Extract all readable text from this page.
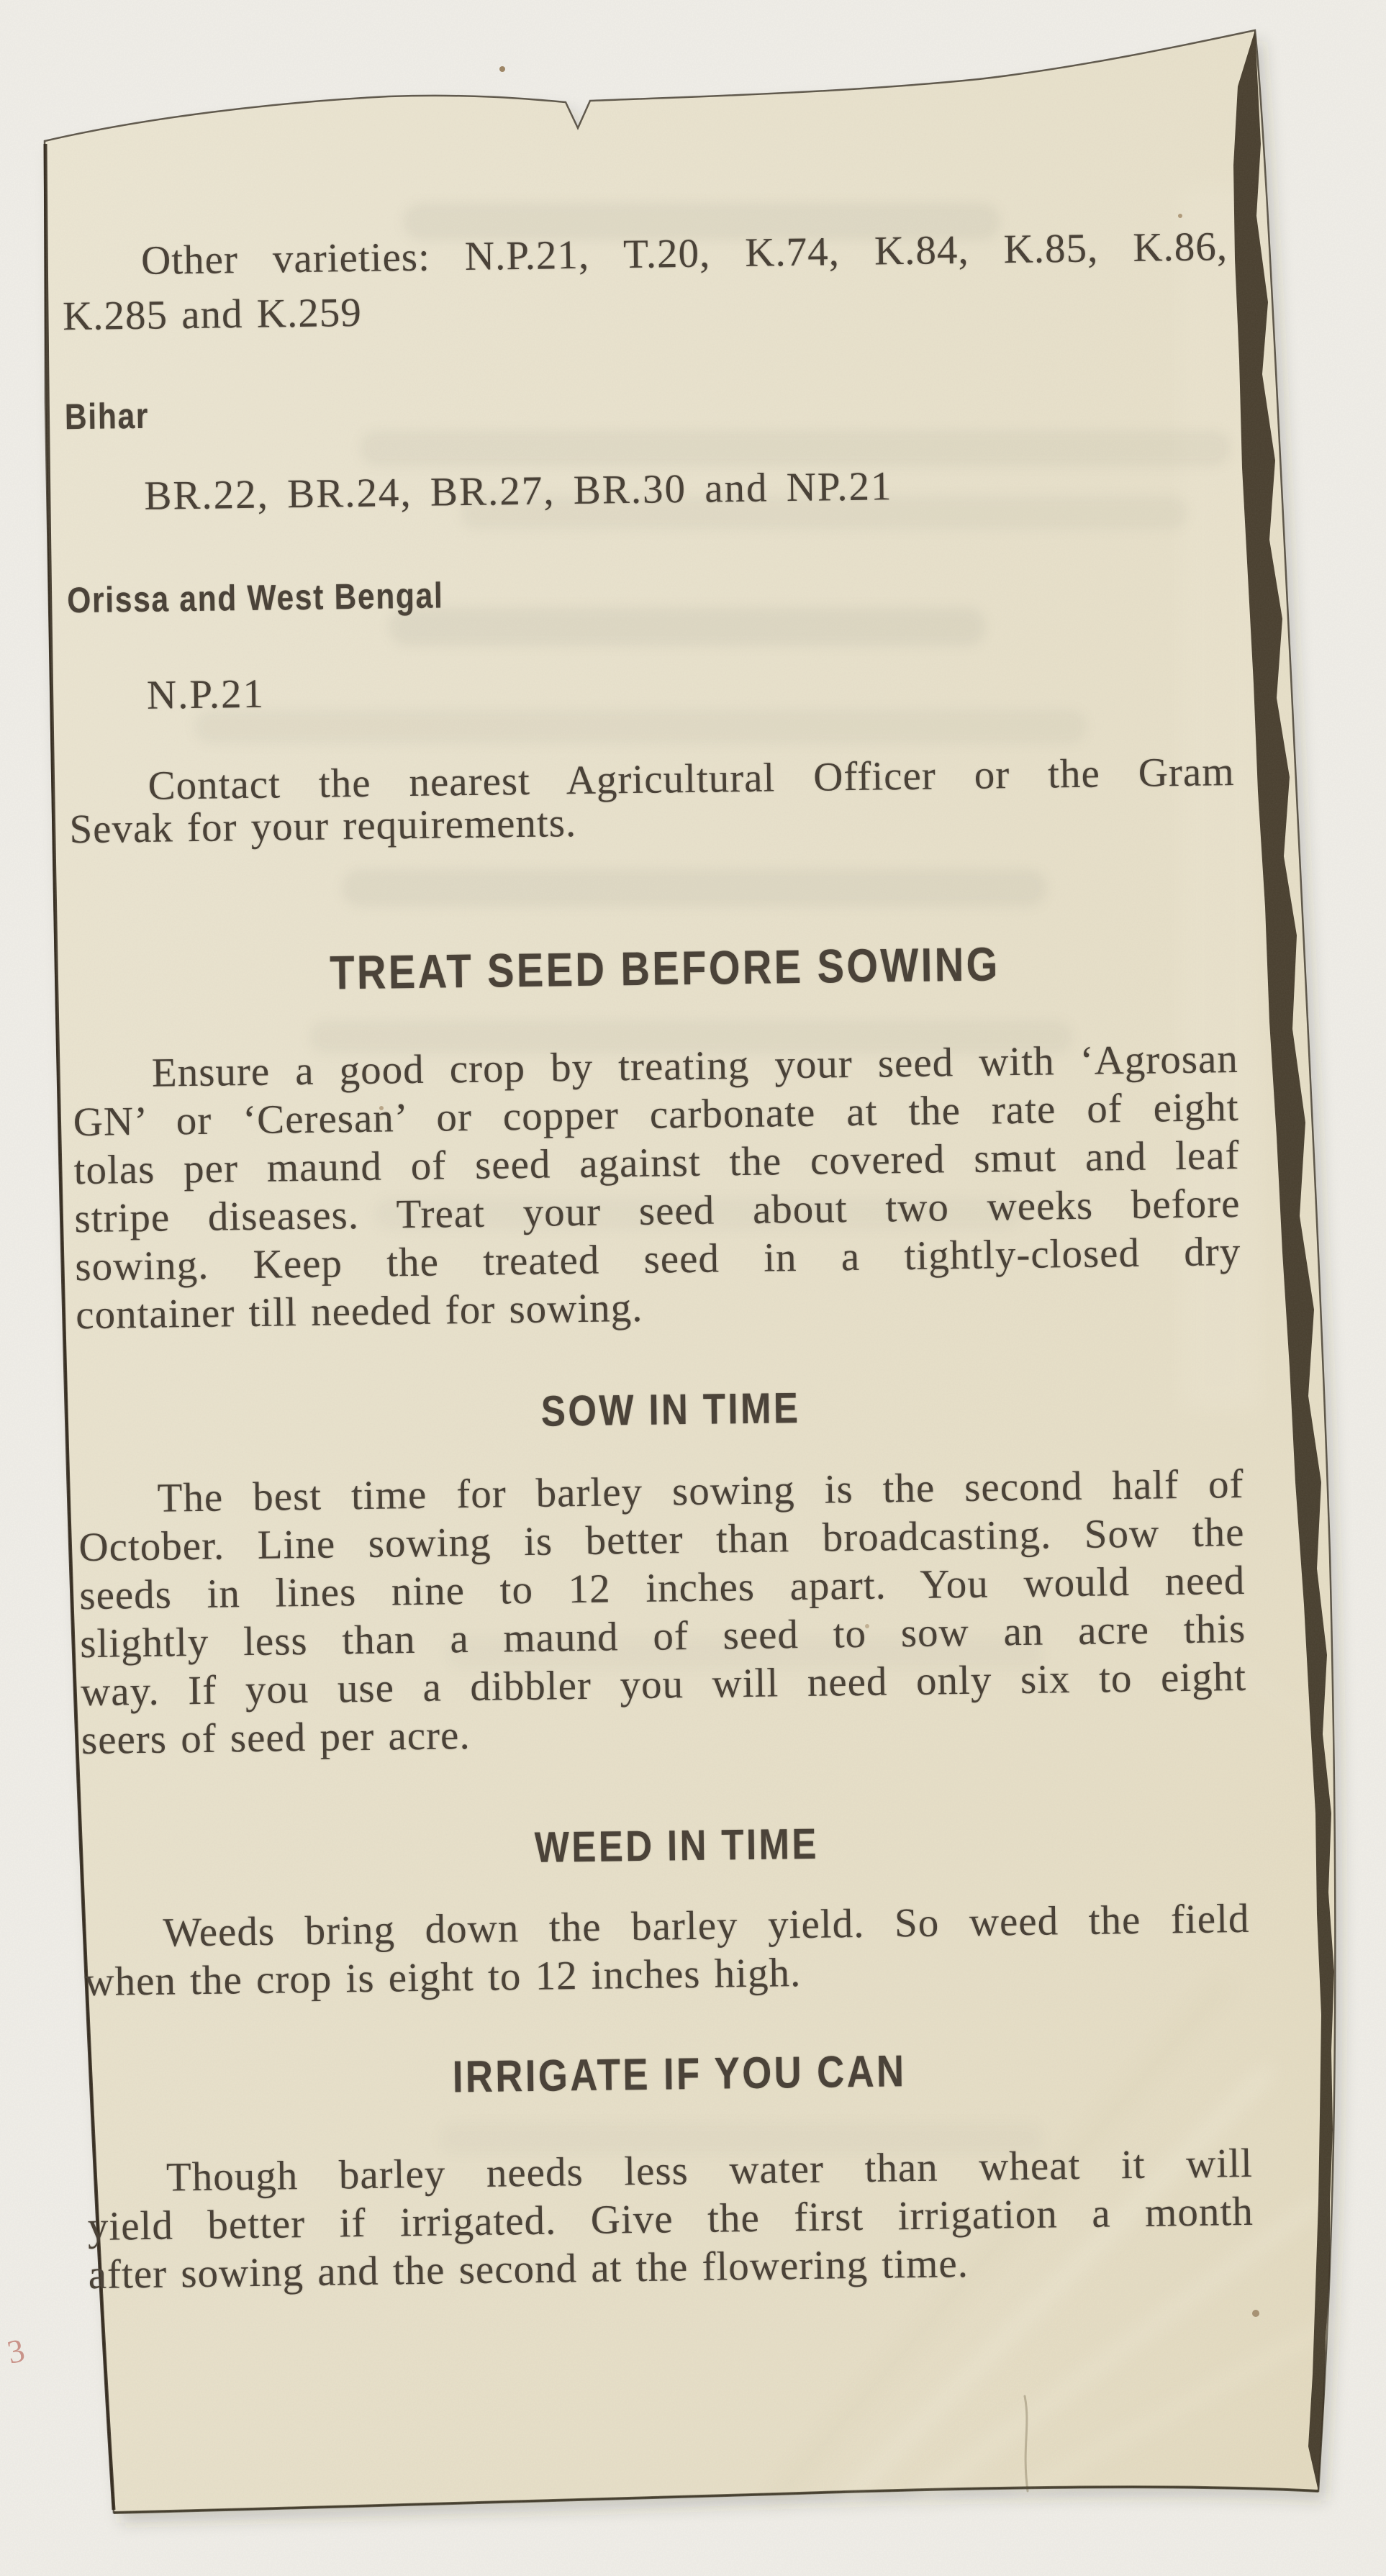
Other varieties: N.P.21, T.20, K.74, K.84, K.85, K.86,
K.285 and K.259
Bihar
BR.22, BR.24, BR.27, BR.30 and NP.21
Orissa and West Bengal
N.P.21
Contact the nearest Agricultural Officer or the Gram
Sevak for your requirements.
TREAT SEED BEFORE SOWING
Ensure a good crop by treating your seed with ‘Agrosan
GN’ or ‘Ceresan’ or copper carbonate at the rate of eight
tolas per maund of seed against the covered smut and leaf
stripe diseases. Treat your seed about two weeks before
sowing. Keep the treated seed in a tightly-closed dry
container till needed for sowing.
SOW IN TIME
The best time for barley sowing is the second half of
October. Line sowing is better than broadcasting. Sow the
seeds in lines nine to 12 inches apart. You would need
slightly less than a maund of seed to sow an acre this
way. If you use a dibbler you will need only six to eight
seers of seed per acre.
WEED IN TIME
Weeds bring down the barley yield. So weed the field
when the crop is eight to 12 inches high.
IRRIGATE IF YOU CAN
Though barley needs less water than wheat it will
yield better if irrigated. Give the first irrigation a month
after sowing and the second at the flowering time.
